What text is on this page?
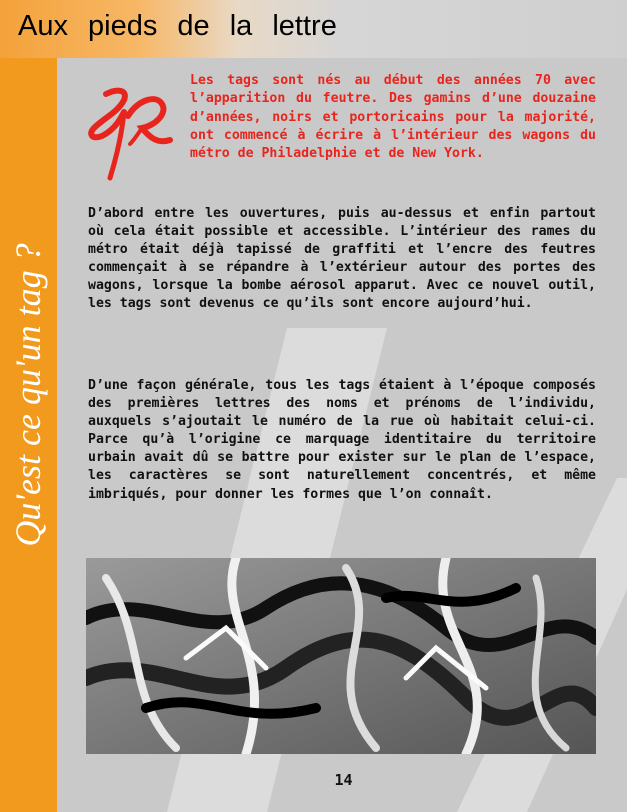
Qu'est ce qu'un tag ?
Aux pieds de la lettre

Les tags sont nés au début des années 70 avec l’apparition du feutre. Des gamins d’une douzaine d’années, noirs et portoricains pour la majorité, ont commencé à écrire à l’intérieur des wagons du métro de Philadelphie et de New York.

D’abord entre les ouvertures, puis au-dessus et enfin partout où cela était possible et accessible. L’intérieur des rames du métro était déjà tapissé de graffiti et l’encre des feutres commençait à se répandre à l’extérieur autour des portes des wagons, lorsque la bombe aérosol apparut. Avec ce nouvel outil, les tags sont devenus ce qu’ils sont encore aujourd’hui.

D’une façon générale, tous les tags étaient à l’époque composés des premières lettres des noms et prénoms de l’individu, auxquels s’ajoutait le numéro de la rue où habitait celui-ci. Parce qu’à l’origine ce marquage identitaire du territoire urbain avait dû se battre pour exister sur le plan de l’espace, les caractères se sont naturellement concentrés, et même imbriqués, pour donner les formes que l’on connaît.

14
